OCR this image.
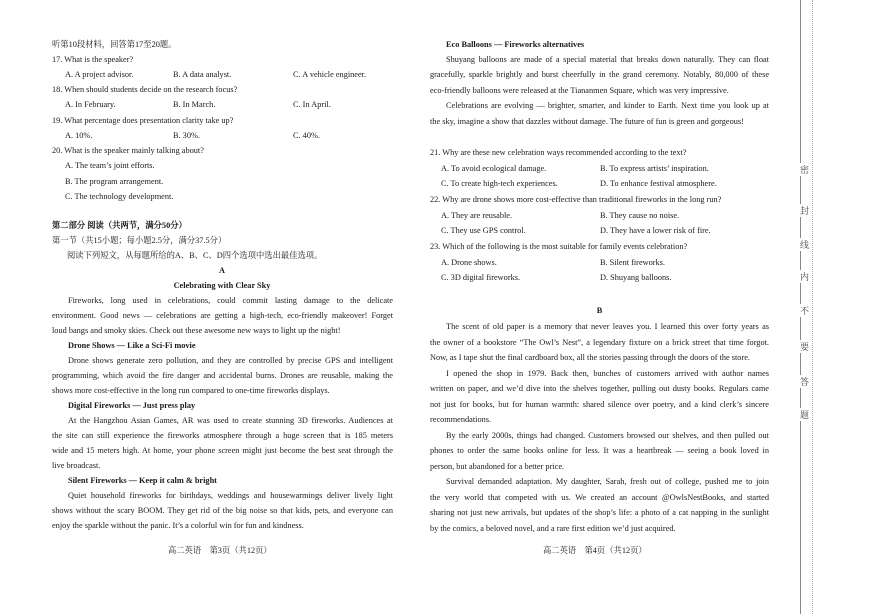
听第10段材料，回答第17至20题。
17. What is the speaker?
A. A project advisor.	B. A data analyst.	C. A vehicle engineer.
18. When should students decide on the research focus?
A. In February.	B. In March.	C. In April.
19. What percentage does presentation clarity take up?
A. 10%.	B. 30%.	C. 40%.
20. What is the speaker mainly talking about?
A. The team’s joint efforts.
B. The program arrangement.
C. The technology development.
第二部分 阅读（共两节，满分50分）
第一节（共15小题；每小题2.5分，满分37.5分）
阅读下列短文，从每题所给的A、B、C、D四个选项中选出最佳选项。
A
Celebrating with Clear Sky
Fireworks, long used in celebrations, could commit lasting damage to the delicate
environment. Good news — celebrations are getting a high-tech, eco-friendly makeover! Forget
loud bangs and smoky skies. Check out these awesome new ways to light up the night!
Drone Shows — Like a Sci-Fi movie
Drone shows generate zero pollution, and they are controlled by precise GPS and intelligent
programming, which avoid the fire danger and accidental burns. Drones are reusable, making the
shows more cost-effective in the long run compared to one-time fireworks displays.
Digital Fireworks — Just press play
At the Hangzhou Asian Games, AR was used to create stunning 3D fireworks. Audiences at
the site can still experience the fireworks atmosphere through a huge screen that is 185 meters
wide and 15 meters high. At home, your phone screen might just become the best seat through the
live broadcast.
Silent Fireworks — Keep it calm & bright
Quiet household fireworks for birthdays, weddings and housewarmings deliver lively light
shows without the scary BOOM. They get rid of the big noise so that kids, pets, and everyone can
enjoy the sparkle without the panic. It’s a colorful win for fun and kindness.
高二英语　第3页（共12页）
Eco Balloons — Fireworks alternatives
Shuyang balloons are made of a special material that breaks down naturally. They can float
gracefully, sparkle brightly and burst cheerfully in the grand ceremony. Notably, 80,000 of these
eco-friendly balloons were released at the Tiananmen Square, which was very impressive.
Celebrations are evolving — brighter, smarter, and kinder to Earth. Next time you look up at
the sky, imagine a show that dazzles without damage. The future of fun is green and gorgeous!
21. Why are these new celebration ways recommended according to the text?
A. To avoid ecological damage.	B. To express artists’ inspiration.
C. To create high-tech experiences.	D. To enhance festival atmosphere.
22. Why are drone shows more cost-effective than traditional fireworks in the long run?
A. They are reusable.	B. They cause no noise.
C. They use GPS control.	D. They have a lower risk of fire.
23. Which of the following is the most suitable for family events celebration?
A. Drone shows.	B. Silent fireworks.
C. 3D digital fireworks.	D. Shuyang balloons.
B
The scent of old paper is a memory that never leaves you. I learned this over forty years as
the owner of a bookstore “The Owl’s Nest”, a legendary fixture on a brick street that time forgot.
Now, as I tape shut the final cardboard box, all the stories passing through the doors of the store.
I opened the shop in 1979. Back then, bunches of customers arrived with author names
written on paper, and we’d dive into the shelves together, pulling out dusty books. Regulars came
not just for books, but for human warmth: shared silence over poetry, and a kind clerk’s sincere
recommendations.
By the early 2000s, things had changed. Customers browsed our shelves, and then pulled out
phones to order the same books online for less. It was a heartbreak — seeing a book loved in
person, but abandoned for a better price.
Survival demanded adaptation. My daughter, Sarah, fresh out of college, pushed me to join
the very world that competed with us. We created an account @OwlsNestBooks, and started
sharing not just new arrivals, but updates of the shop’s life: a photo of a cat napping in the sunlight
by the comics, a beloved novel, and a rare first edition we’d just acquired.
高二英语　第4页（共12页）
密
封
线
内
不
要
答
题
